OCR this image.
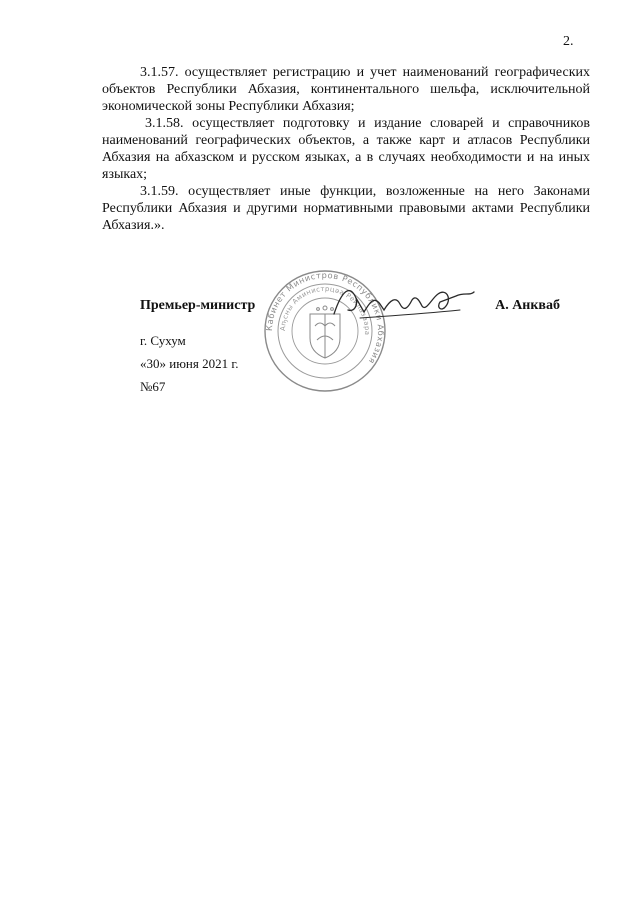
2.

3.1.57. осуществляет регистрацию и учет наименований географических объектов Республики Абхазия, континентального шельфа, исключительной экономической зоны Республики Абхазия;

3.1.58. осуществляет подготовку и издание словарей и справочников наименований географических объектов, а также карт и атласов Республики Абхазия на абхазском и русском языках, а в случаях необходимости и на иных языках;

3.1.59. осуществляет иные функции, возложенные на него Законами Республики Абхазия и другими нормативными правовыми актами Республики Абхазия.».

Кабинет Министров Республики Абхазия
Аҧсны Аминистрцәа Реилазаара
Премьер-министр	А. Анкваб
г. Сухум
«30» июня 2021 г.
№67
